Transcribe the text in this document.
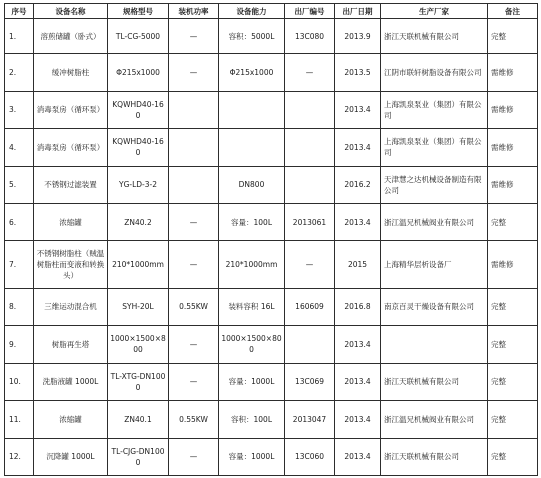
序号	设备名称	规格型号	装机功率	设备能力	出厂编号	出厂日期	生产厂家	备注
1.	溶煎储罐（卧式）	TL-CG-5000	—	容积：5000L	13C080	2013.9	浙江天联机械有限公司	完整
2.	缓冲树脂柱	Φ215x1000	—	Φ215x1000	—	2013.5	江阴市联轩树脂设备有限公司	需维修
3.	消毒泵房（循环泵）	KQWHD40-160				2013.4	上海凯泉泵业（集团）有限公司	需维修
4.	消毒泵房（循环泵）	KQWHD40-160				2013.4	上海凯泉泵业（集团）有限公司	需维修
5.	不锈钢过滤装置	YG-LD-3-2		DN800		2016.2	天津慧之达机械设备制造有限公司	需维修
6.	浓缩罐	ZN40.2	—	容量：100L	2013061	2013.4	浙江温兄机械阀业有限公司	完整
7.	不锈钢树脂柱（贼温树脂柱而变液和转换头）	210*1000mm	—	210*1000mm	—	2015	上海精华层析设备厂	需维修
8.	三维运动混合机	SYH-20L	0.55KW	装料容积 16L	160609	2016.8	南京百灵干燥设备有限公司	完整
9.	树脂再生塔	1000×1500×800	—	1000×1500×800		2013.4		完整
10.	洗脂液罐 1000L	TL-XTG-DN1000	—	容量：1000L	13C069	2013.4	浙江天联机械有限公司	完整
11.	浓缩罐	ZN40.1	0.55KW	容积：100L	2013047	2013.4	浙江温兄机械阀业有限公司	完整
12.	沉降罐 1000L	TL-CJG-DN1000	—	容量：1000L	13C060	2013.4	浙江天联机械有限公司	完整
